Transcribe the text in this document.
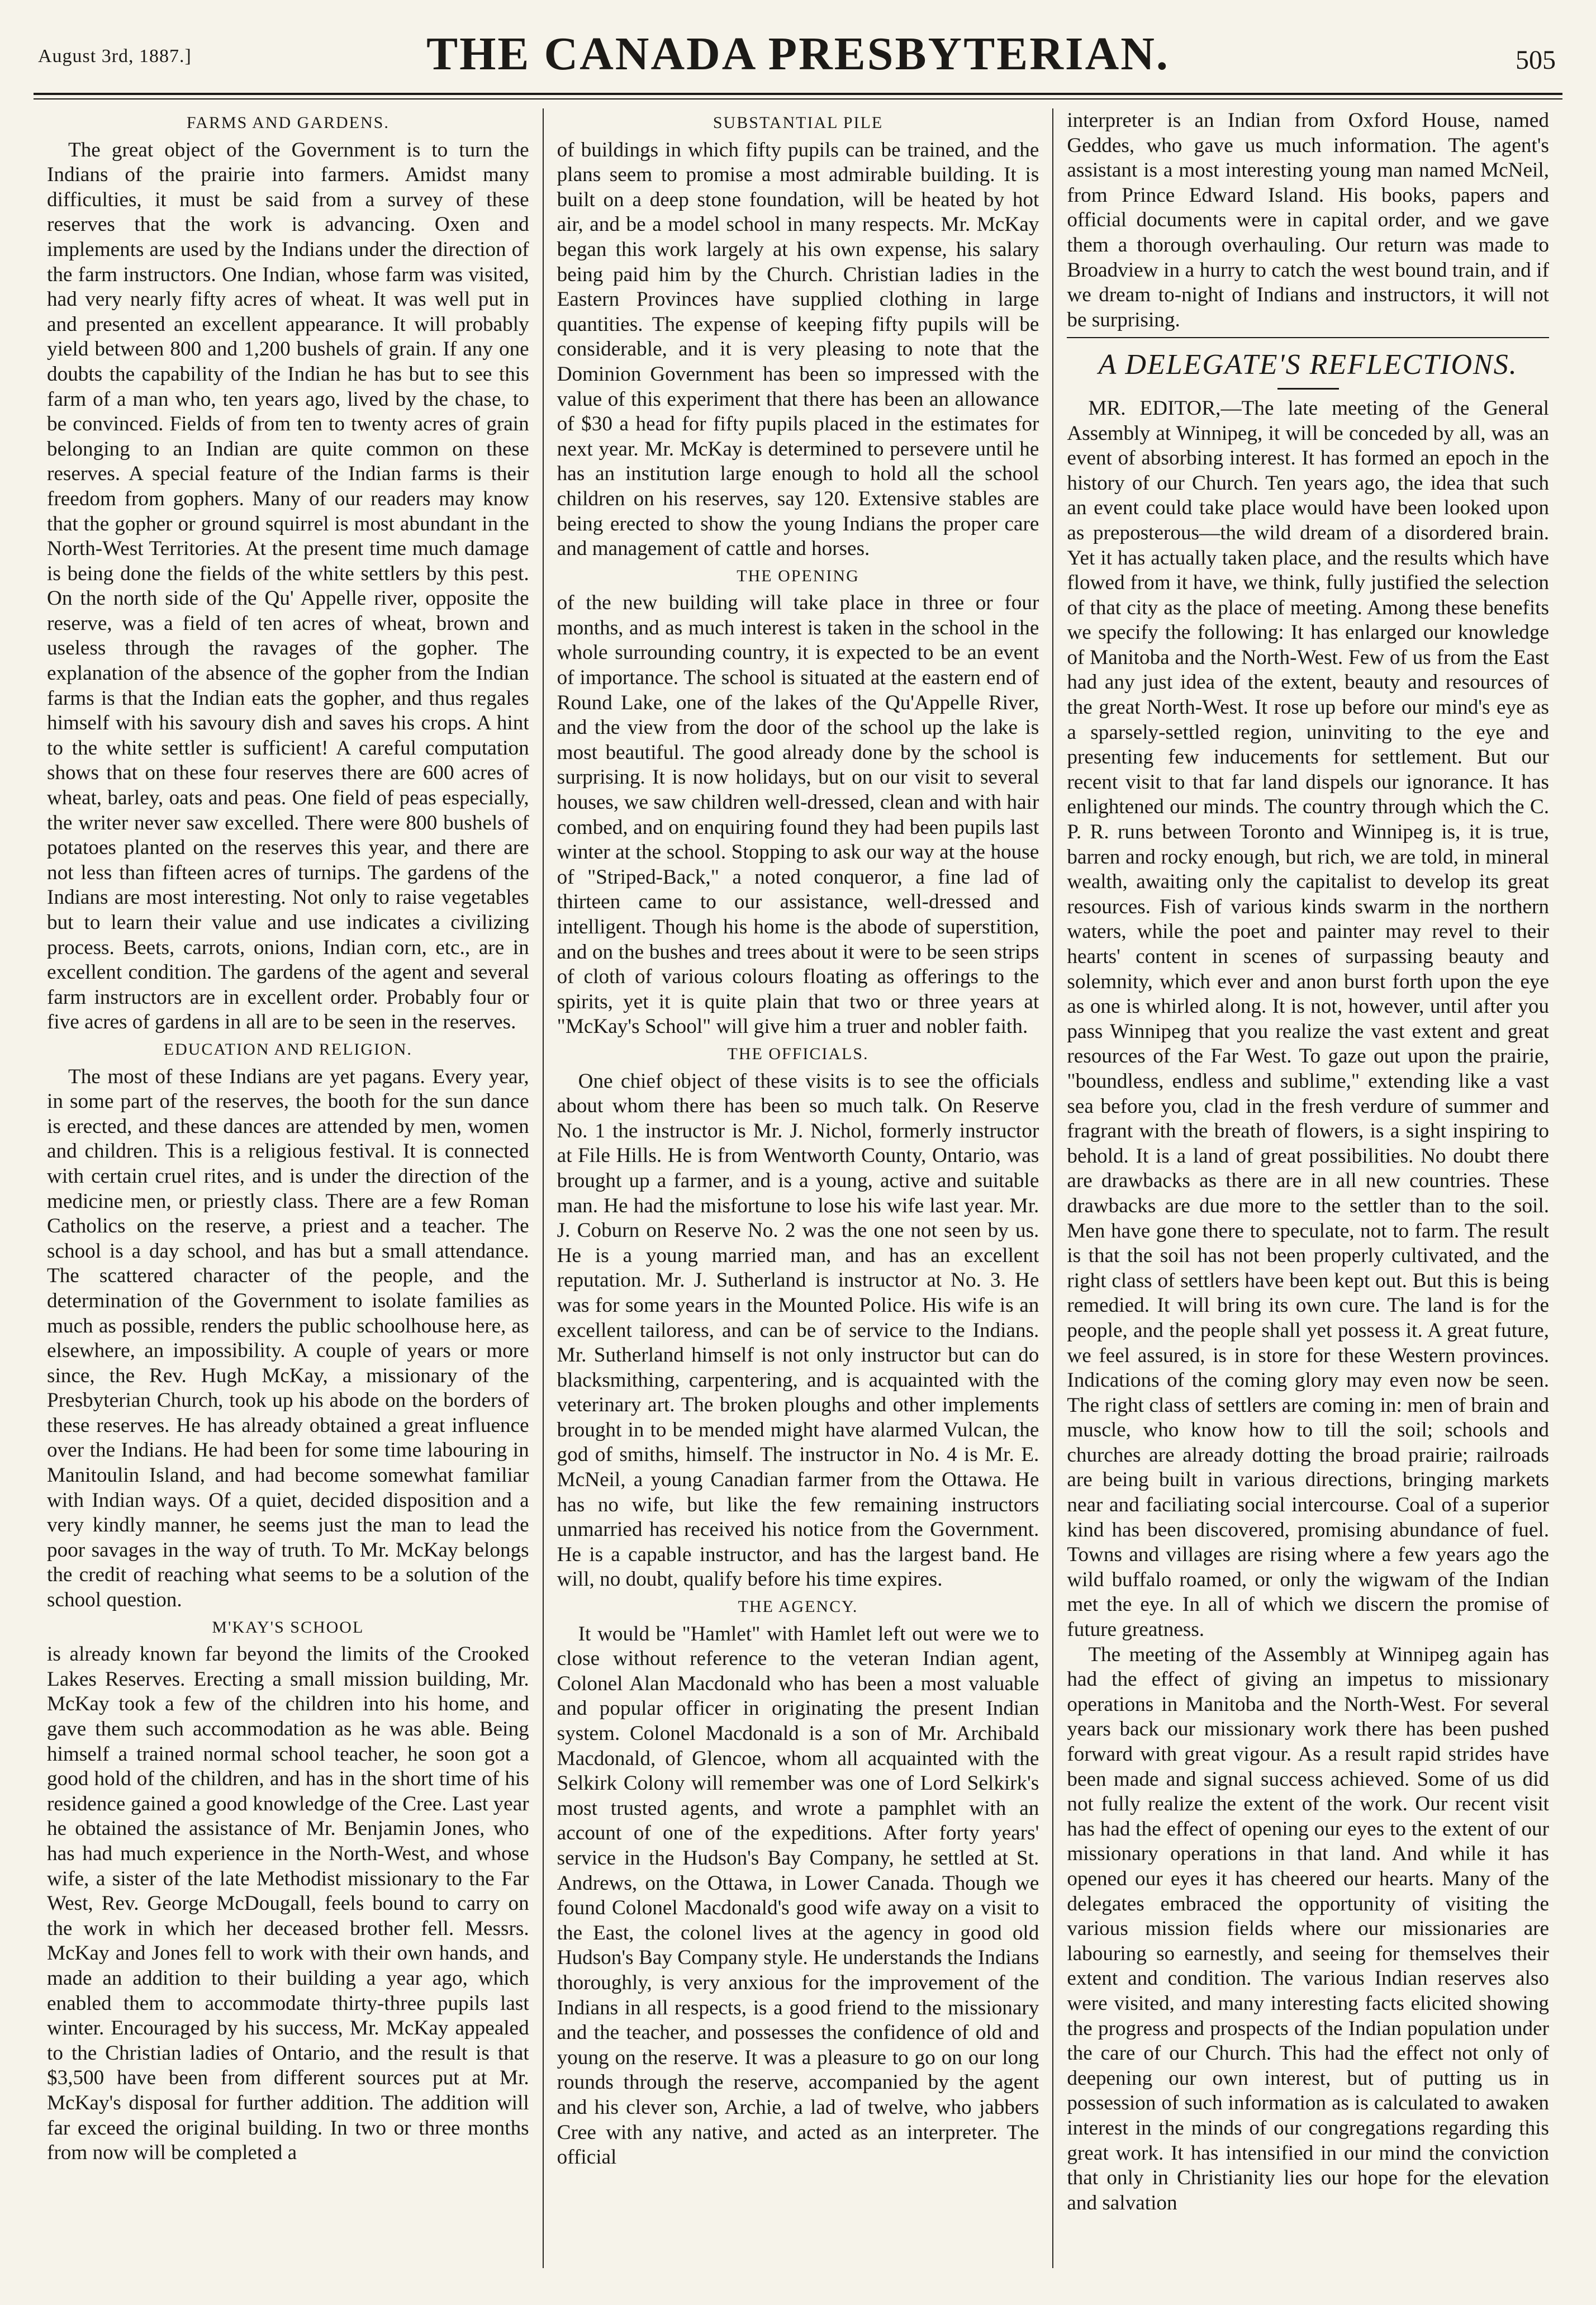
August 3rd, 1887.]	THE CANADA PRESBYTERIAN.	505
FARMS AND GARDENS.

The great object of the Government is to turn the Indians of the prairie into farmers. Amidst many difficulties, it must be said from a survey of these reserves that the work is advancing. Oxen and implements are used by the Indians under the direction of the farm instructors. One Indian, whose farm was visited, had very nearly fifty acres of wheat. It was well put in and presented an excellent appearance. It will probably yield between 800 and 1,200 bushels of grain. If any one doubts the capability of the Indian he has but to see this farm of a man who, ten years ago, lived by the chase, to be convinced. Fields of from ten to twenty acres of grain belonging to an Indian are quite common on these reserves. A special feature of the Indian farms is their freedom from gophers. Many of our readers may know that the gopher or ground squirrel is most abundant in the North-West Territories. At the present time much damage is being done the fields of the white settlers by this pest. On the north side of the Qu' Appelle river, opposite the reserve, was a field of ten acres of wheat, brown and useless through the ravages of the gopher. The explanation of the absence of the gopher from the Indian farms is that the Indian eats the gopher, and thus regales himself with his savoury dish and saves his crops. A hint to the white settler is sufficient! A careful computation shows that on these four reserves there are 600 acres of wheat, barley, oats and peas. One field of peas especially, the writer never saw excelled. There were 800 bushels of potatoes planted on the reserves this year, and there are not less than fifteen acres of turnips. The gardens of the Indians are most interesting. Not only to raise vegetables but to learn their value and use indicates a civilizing process. Beets, carrots, onions, Indian corn, etc., are in excellent condition. The gardens of the agent and several farm instructors are in excellent order. Probably four or five acres of gardens in all are to be seen in the reserves.

EDUCATION AND RELIGION.

The most of these Indians are yet pagans. Every year, in some part of the reserves, the booth for the sun dance is erected, and these dances are attended by men, women and children. This is a religious festival. It is connected with certain cruel rites, and is under the direction of the medicine men, or priestly class. There are a few Roman Catholics on the reserve, a priest and a teacher. The school is a day school, and has but a small attendance. The scattered character of the people, and the determination of the Government to isolate families as much as possible, renders the public schoolhouse here, as elsewhere, an impossibility. A couple of years or more since, the Rev. Hugh McKay, a missionary of the Presbyterian Church, took up his abode on the borders of these reserves. He has already obtained a great influence over the Indians. He had been for some time labouring in Manitoulin Island, and had become somewhat familiar with Indian ways. Of a quiet, decided disposition and a very kindly manner, he seems just the man to lead the poor savages in the way of truth. To Mr. McKay belongs the credit of reaching what seems to be a solution of the school question.

M'KAY'S SCHOOL

is already known far beyond the limits of the Crooked Lakes Reserves. Erecting a small mission building, Mr. McKay took a few of the children into his home, and gave them such accommodation as he was able. Being himself a trained normal school teacher, he soon got a good hold of the children, and has in the short time of his residence gained a good knowledge of the Cree. Last year he obtained the assistance of Mr. Benjamin Jones, who has had much experience in the North-West, and whose wife, a sister of the late Methodist missionary to the Far West, Rev. George McDougall, feels bound to carry on the work in which her deceased brother fell. Messrs. McKay and Jones fell to work with their own hands, and made an addition to their building a year ago, which enabled them to accommodate thirty-three pupils last winter. Encouraged by his success, Mr. McKay appealed to the Christian ladies of Ontario, and the result is that $3,500 have been from different sources put at Mr. McKay's disposal for further addition. The addition will far exceed the original building. In two or three months from now will be completed a

SUBSTANTIAL PILE

of buildings in which fifty pupils can be trained, and the plans seem to promise a most admirable building. It is built on a deep stone foundation, will be heated by hot air, and be a model school in many respects. Mr. McKay began this work largely at his own expense, his salary being paid him by the Church. Christian ladies in the Eastern Provinces have supplied clothing in large quantities. The expense of keeping fifty pupils will be considerable, and it is very pleasing to note that the Dominion Government has been so impressed with the value of this experiment that there has been an allowance of $30 a head for fifty pupils placed in the estimates for next year. Mr. McKay is determined to persevere until he has an institution large enough to hold all the school children on his reserves, say 120. Extensive stables are being erected to show the young Indians the proper care and management of cattle and horses.

THE OPENING

of the new building will take place in three or four months, and as much interest is taken in the school in the whole surrounding country, it is expected to be an event of importance. The school is situated at the eastern end of Round Lake, one of the lakes of the Qu'Appelle River, and the view from the door of the school up the lake is most beautiful. The good already done by the school is surprising. It is now holidays, but on our visit to several houses, we saw children well-dressed, clean and with hair combed, and on enquiring found they had been pupils last winter at the school. Stopping to ask our way at the house of "Striped-Back," a noted conqueror, a fine lad of thirteen came to our assistance, well-dressed and intelligent. Though his home is the abode of superstition, and on the bushes and trees about it were to be seen strips of cloth of various colours floating as offerings to the spirits, yet it is quite plain that two or three years at "McKay's School" will give him a truer and nobler faith.

THE OFFICIALS.

One chief object of these visits is to see the officials about whom there has been so much talk. On Reserve No. 1 the instructor is Mr. J. Nichol, formerly instructor at File Hills. He is from Wentworth County, Ontario, was brought up a farmer, and is a young, active and suitable man. He had the misfortune to lose his wife last year. Mr. J. Coburn on Reserve No. 2 was the one not seen by us. He is a young married man, and has an excellent reputation. Mr. J. Sutherland is instructor at No. 3. He was for some years in the Mounted Police. His wife is an excellent tailoress, and can be of service to the Indians. Mr. Sutherland himself is not only instructor but can do blacksmithing, carpentering, and is acquainted with the veterinary art. The broken ploughs and other implements brought in to be mended might have alarmed Vulcan, the god of smiths, himself. The instructor in No. 4 is Mr. E. McNeil, a young Canadian farmer from the Ottawa. He has no wife, but like the few remaining instructors unmarried has received his notice from the Government. He is a capable instructor, and has the largest band. He will, no doubt, qualify before his time expires.

THE AGENCY.

It would be "Hamlet" with Hamlet left out were we to close without reference to the veteran Indian agent, Colonel Alan Macdonald who has been a most valuable and popular officer in originating the present Indian system. Colonel Macdonald is a son of Mr. Archibald Macdonald, of Glencoe, whom all acquainted with the Selkirk Colony will remember was one of Lord Selkirk's most trusted agents, and wrote a pamphlet with an account of one of the expeditions. After forty years' service in the Hudson's Bay Company, he settled at St. Andrews, on the Ottawa, in Lower Canada. Though we found Colonel Macdonald's good wife away on a visit to the East, the colonel lives at the agency in good old Hudson's Bay Company style. He understands the Indians thoroughly, is very anxious for the improvement of the Indians in all respects, is a good friend to the missionary and the teacher, and possesses the confidence of old and young on the reserve. It was a pleasure to go on our long rounds through the reserve, accompanied by the agent and his clever son, Archie, a lad of twelve, who jabbers Cree with any native, and acted as an interpreter. The official

interpreter is an Indian from Oxford House, named Geddes, who gave us much information. The agent's assistant is a most interesting young man named McNeil, from Prince Edward Island. His books, papers and official documents were in capital order, and we gave them a thorough overhauling. Our return was made to Broadview in a hurry to catch the west bound train, and if we dream to-night of Indians and instructors, it will not be surprising.

A DELEGATE'S REFLECTIONS.

MR. EDITOR,—The late meeting of the General Assembly at Winnipeg, it will be conceded by all, was an event of absorbing interest. It has formed an epoch in the history of our Church. Ten years ago, the idea that such an event could take place would have been looked upon as preposterous—the wild dream of a disordered brain. Yet it has actually taken place, and the results which have flowed from it have, we think, fully justified the selection of that city as the place of meeting. Among these benefits we specify the following: It has enlarged our knowledge of Manitoba and the North-West. Few of us from the East had any just idea of the extent, beauty and resources of the great North-West. It rose up before our mind's eye as a sparsely-settled region, uninviting to the eye and presenting few inducements for settlement. But our recent visit to that far land dispels our ignorance. It has enlightened our minds. The country through which the C. P. R. runs between Toronto and Winnipeg is, it is true, barren and rocky enough, but rich, we are told, in mineral wealth, awaiting only the capitalist to develop its great resources. Fish of various kinds swarm in the northern waters, while the poet and painter may revel to their hearts' content in scenes of surpassing beauty and solemnity, which ever and anon burst forth upon the eye as one is whirled along. It is not, however, until after you pass Winnipeg that you realize the vast extent and great resources of the Far West. To gaze out upon the prairie, "boundless, endless and sublime," extending like a vast sea before you, clad in the fresh verdure of summer and fragrant with the breath of flowers, is a sight inspiring to behold. It is a land of great possibilities. No doubt there are drawbacks as there are in all new countries. These drawbacks are due more to the settler than to the soil. Men have gone there to speculate, not to farm. The result is that the soil has not been properly cultivated, and the right class of settlers have been kept out. But this is being remedied. It will bring its own cure. The land is for the people, and the people shall yet possess it. A great future, we feel assured, is in store for these Western provinces. Indications of the coming glory may even now be seen. The right class of settlers are coming in: men of brain and muscle, who know how to till the soil; schools and churches are already dotting the broad prairie; railroads are being built in various directions, bringing markets near and faciliating social intercourse. Coal of a superior kind has been discovered, promising abundance of fuel. Towns and villages are rising where a few years ago the wild buffalo roamed, or only the wigwam of the Indian met the eye. In all of which we discern the promise of future greatness.

The meeting of the Assembly at Winnipeg again has had the effect of giving an impetus to missionary operations in Manitoba and the North-West. For several years back our missionary work there has been pushed forward with great vigour. As a result rapid strides have been made and signal success achieved. Some of us did not fully realize the extent of the work. Our recent visit has had the effect of opening our eyes to the extent of our missionary operations in that land. And while it has opened our eyes it has cheered our hearts. Many of the delegates embraced the opportunity of visiting the various mission fields where our missionaries are labouring so earnestly, and seeing for themselves their extent and condition. The various Indian reserves also were visited, and many interesting facts elicited showing the progress and prospects of the Indian population under the care of our Church. This had the effect not only of deepening our own interest, but of putting us in possession of such information as is calculated to awaken interest in the minds of our congregations regarding this great work. It has intensified in our mind the conviction that only in Christianity lies our hope for the elevation and salvation
